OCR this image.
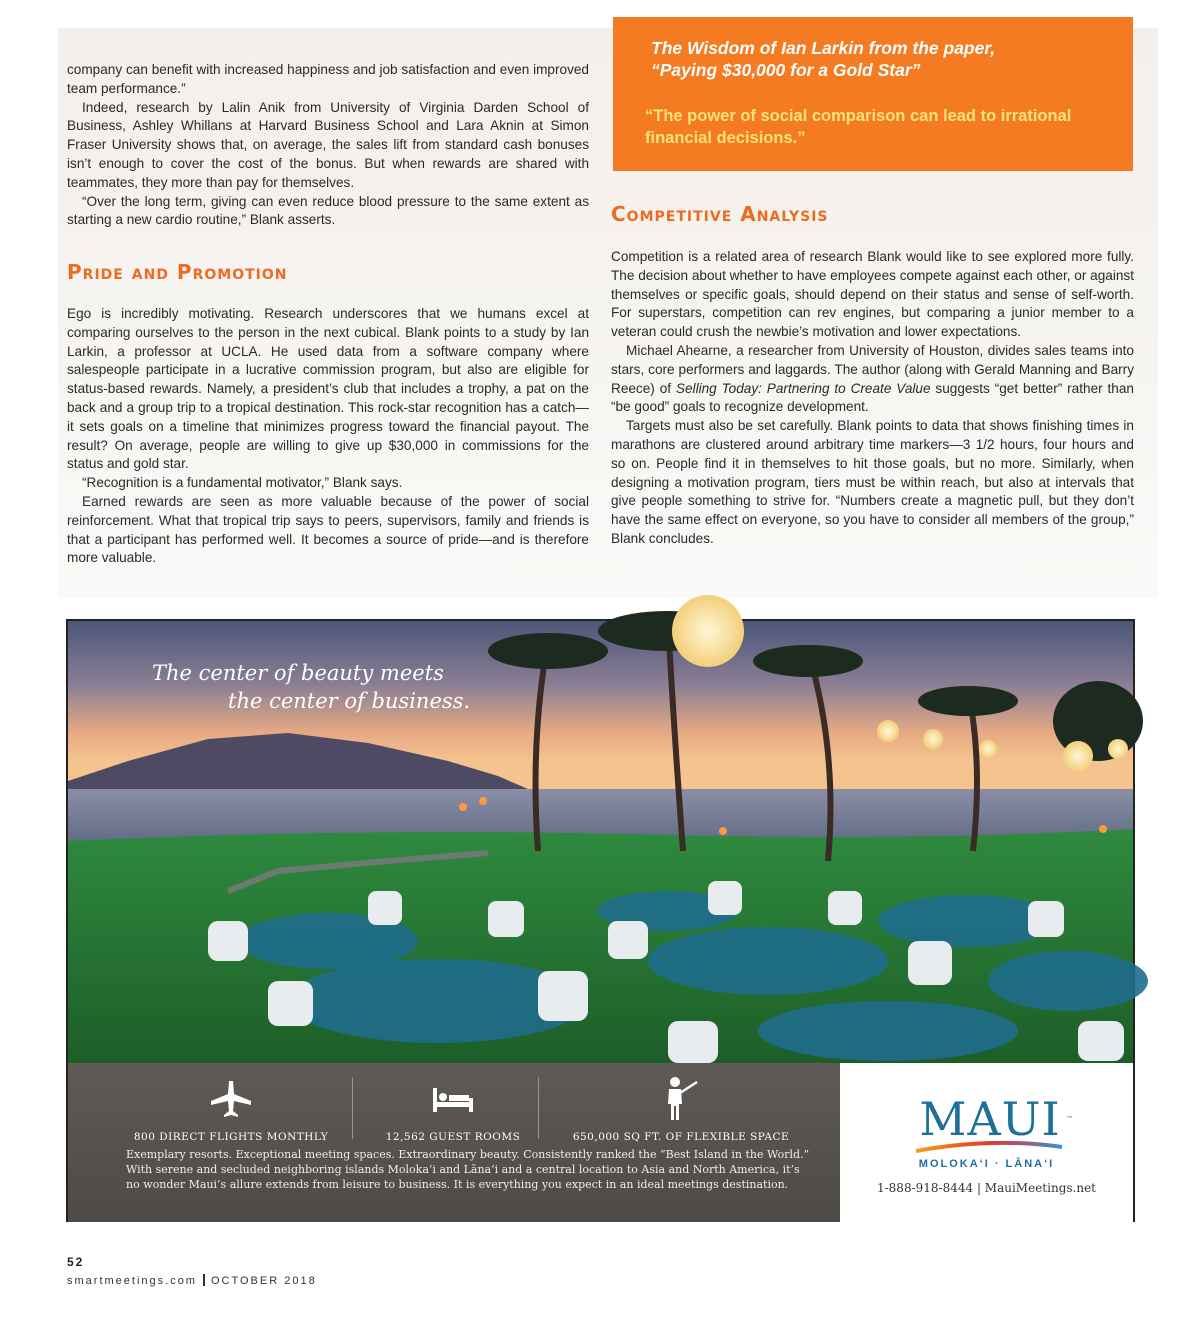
company can benefit with increased happiness and job satisfaction and even improved team performance.”

Indeed, research by Lalin Anik from University of Virginia Darden School of Business, Ashley Whillans at Harvard Business School and Lara Aknin at Simon Fraser University shows that, on average, the sales lift from standard cash bonuses isn’t enough to cover the cost of the bonus. But when rewards are shared with teammates, they more than pay for themselves.

“Over the long term, giving can even reduce blood pressure to the same extent as starting a new cardio routine,” Blank asserts.

Pride and Promotion

Ego is incredibly motivating. Research underscores that we humans excel at comparing ourselves to the person in the next cubical. Blank points to a study by Ian Larkin, a professor at UCLA. He used data from a software company where salespeople participate in a lucrative commission program, but also are eligible for status-based rewards. Namely, a president’s club that includes a trophy, a pat on the back and a group trip to a tropical destination. This rock-star recognition has a catch—it sets goals on a timeline that minimizes progress toward the financial payout. The result? On average, people are willing to give up $30,000 in commissions for the status and gold star.

“Recognition is a fundamental motivator,” Blank says.

Earned rewards are seen as more valuable because of the power of social reinforcement. What that tropical trip says to peers, supervisors, family and friends is that a participant has performed well. It becomes a source of pride—and is therefore more valuable.

The Wisdom of Ian Larkin from the paper,
“Paying $30,000 for a Gold Star”
“The power of social comparison can lead to irrational financial decisions.”
Competitive Analysis

Competition is a related area of research Blank would like to see explored more fully. The decision about whether to have employees compete against each other, or against themselves or specific goals, should depend on their status and sense of self-worth. For superstars, competition can rev engines, but comparing a junior member to a veteran could crush the newbie’s motivation and lower expectations.

Michael Ahearne, a researcher from University of Houston, divides sales teams into stars, core performers and laggards. The author (along with Gerald Manning and Barry Reece) of Selling Today: Partnering to Create Value suggests “get better” rather than “be good” goals to recognize development.

Targets must also be set carefully. Blank points to data that shows finishing times in marathons are clustered around arbitrary time markers—3 1/2 hours, four hours and so on. People find it in themselves to hit those goals, but no more. Similarly, when designing a motivation program, tiers must be within reach, but also at intervals that give people something to strive for. “Numbers create a magnetic pull, but they don’t have the same effect on everyone, so you have to consider all members of the group,” Blank concludes.

The center of beauty meets
the center of business.
800 DIRECT FLIGHTS MONTHLY	12,562 GUEST ROOMS	650,000 SQ FT. OF FLEXIBLE SPACE
Exemplary resorts. Exceptional meeting spaces. Extraordinary beauty. Consistently ranked the “Best Island in the World.” With serene and secluded neighboring islands Moloka‘i and Lāna‘i and a central location to Asia and North America, it’s no wonder Maui’s allure extends from leisure to business. It is everything you expect in an ideal meetings destination.
MAUI ™
MOLOKA‘I · LĀNA‘I
1-888-918-8444 | MauiMeetings.net
52
smartmeetings.com OCTOBER 2018
